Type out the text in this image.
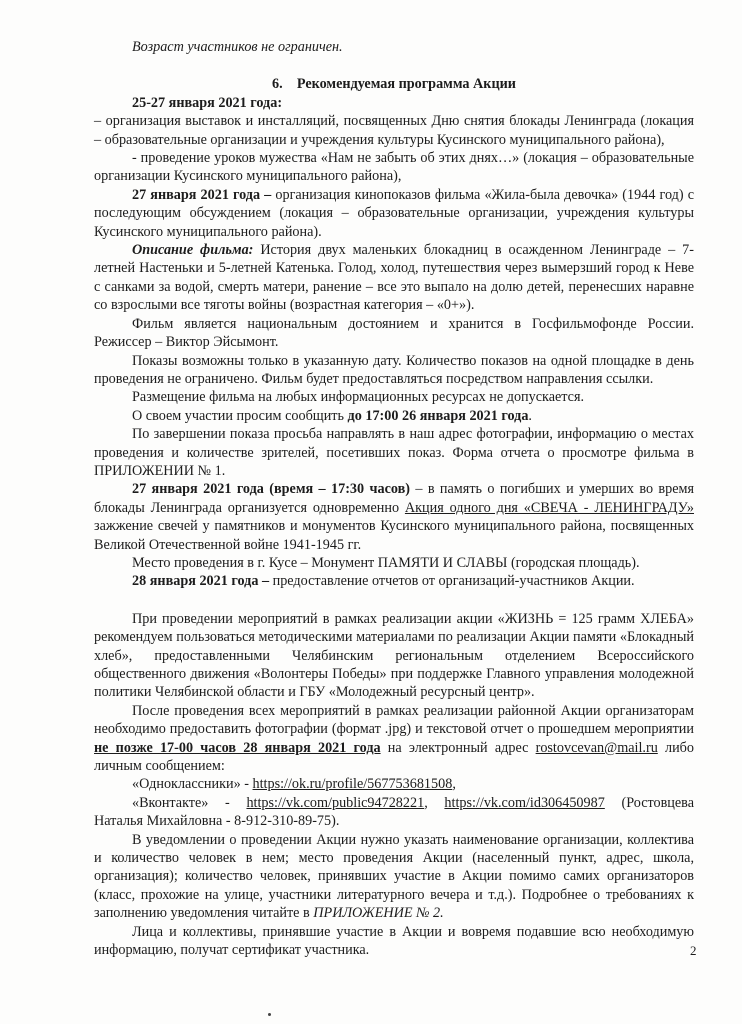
Возраст участников не ограничен.

6. Рекомендуемая программа Акции

25-27 января 2021 года:

– организация выставок и инсталляций, посвященных Дню снятия блокады Ленинграда (локация – образовательные организации и учреждения культуры Кусинского муниципального района),

- проведение уроков мужества «Нам не забыть об этих днях…» (локация – образовательные организации Кусинского муниципального района),

27 января 2021 года – организация кинопоказов фильма «Жила-была девочка» (1944 год) с последующим обсуждением (локация – образовательные организации, учреждения культуры Кусинского муниципального района).

Описание фильма: История двух маленьких блокадниц в осажденном Ленинграде – 7-летней Настеньки и 5-летней Катенька. Голод, холод, путешествия через вымерзший город к Неве с санками за водой, смерть матери, ранение – все это выпало на долю детей, перенесших наравне со взрослыми все тяготы войны (возрастная категория – «0+»).

Фильм является национальным достоянием и хранится в Госфильмофонде России. Режиссер – Виктор Эйсымонт.

Показы возможны только в указанную дату. Количество показов на одной площадке в день проведения не ограничено. Фильм будет предоставляться посредством направления ссылки.

Размещение фильма на любых информационных ресурсах не допускается.

О своем участии просим сообщить до 17:00 26 января 2021 года.

По завершении показа просьба направлять в наш адрес фотографии, информацию о местах проведения и количестве зрителей, посетивших показ. Форма отчета о просмотре фильма в ПРИЛОЖЕНИИ № 1.

27 января 2021 года (время – 17:30 часов) – в память о погибших и умерших во время блокады Ленинграда организуется одновременно Акция одного дня «СВЕЧА - ЛЕНИНГРАДУ» зажжение свечей у памятников и монументов Кусинского муниципального района, посвященных Великой Отечественной войне 1941-1945 гг.

Место проведения в г. Кусе – Монумент ПАМЯТИ И СЛАВЫ (городская площадь).

28 января 2021 года – предоставление отчетов от организаций-участников Акции.

При проведении мероприятий в рамках реализации акции «ЖИЗНЬ = 125 грамм ХЛЕБА» рекомендуем пользоваться методическими материалами по реализации Акции памяти «Блокадный хлеб», предоставленными Челябинским региональным отделением Всероссийского общественного движения «Волонтеры Победы» при поддержке Главного управления молодежной политики Челябинской области и ГБУ «Молодежный ресурсный центр».

После проведения всех мероприятий в рамках реализации районной Акции организаторам необходимо предоставить фотографии (формат .jpg) и текстовой отчет о прошедшем мероприятии не позже 17-00 часов 28 января 2021 года на электронный адрес rostovcevan@mail.ru либо личным сообщением:

«Одноклассники» - https://ok.ru/profile/567753681508,

«Вконтакте» - https://vk.com/public94728221, https://vk.com/id306450987 (Ростовцева Наталья Михайловна - 8-912-310-89-75).

В уведомлении о проведении Акции нужно указать наименование организации, коллектива и количество человек в нем; место проведения Акции (населенный пункт, адрес, школа, организация); количество человек, принявших участие в Акции помимо самих организаторов (класс, прохожие на улице, участники литературного вечера и т.д.). Подробнее о требованиях к заполнению уведомления читайте в ПРИЛОЖЕНИЕ № 2.

Лица и коллективы, принявшие участие в Акции и вовремя подавшие всю необходимую информацию, получат сертификат участника.	2
